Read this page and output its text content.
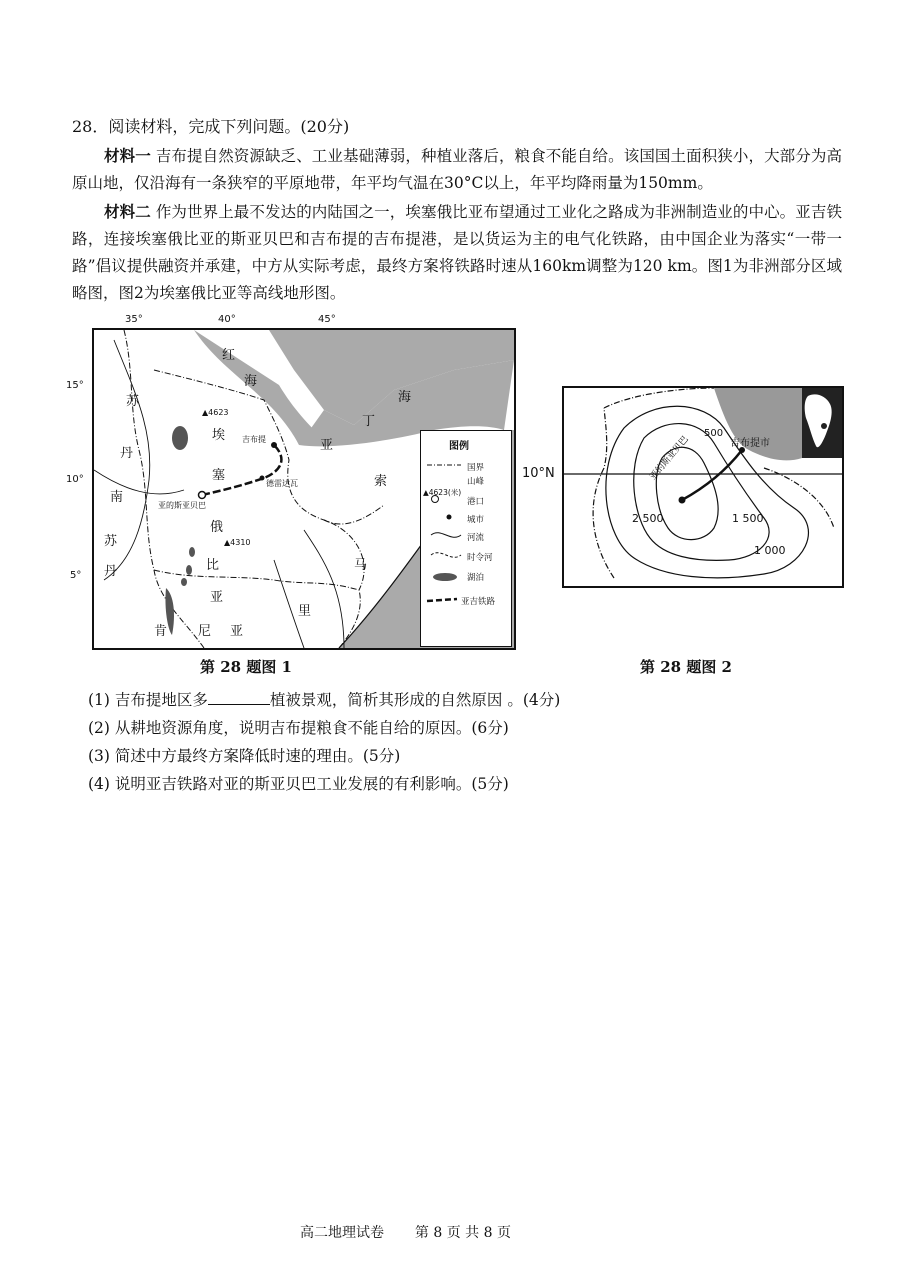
28．阅读材料，完成下列问题。(20分)
材料一 吉布提自然资源缺乏、工业基础薄弱，种植业落后，粮食不能自给。该国国土面积狭小，大部分为高原山地，仅沿海有一条狭窄的平原地带，年平均气温在30°C以上，年平均降雨量为150mm。
材料二 作为世界上最不发达的内陆国之一，埃塞俄比亚布望通过工业化之路成为非洲制造业的中心。亚吉铁路，连接埃塞俄比亚的斯亚贝巴和吉布提的吉布提港，是以货运为主的电气化铁路，由中国企业为落实“一带一路”倡议提供融资并承建，中方从实际考虑，最终方案将铁路时速从160km调整为120 km。图1为非洲部分区域略图，图2为埃塞俄比亚等高线地形图。
35°	40°	45°
15°
10°
5°
红
海
海
丁
亚
苏
丹
南
苏
丹
埃
塞
俄
比
亚
肯 尼 亚
索
马
里
▲4623
▲4310
吉布提
亚的斯亚贝巴
德雷达瓦
图例
国界
▲4623(米)
山峰
港口
城市
河流
时令河
湖泊
亚吉铁路
吉布提市
亚的斯亚贝巴
500
2 500	1 500
1 000
10°N
第 28 题图 1	第 28 题图 2
(1) 吉布提地区多	植被景观，简析其形成的自然原因 。(4分)
(2) 从耕地资源角度，说明吉布提粮食不能自给的原因。(6分)
(3) 简述中方最终方案降低时速的理由。(5分)
(4) 说明亚吉铁路对亚的斯亚贝巴工业发展的有利影响。(5分)
高二地理试卷 第 8 页 共 8 页
